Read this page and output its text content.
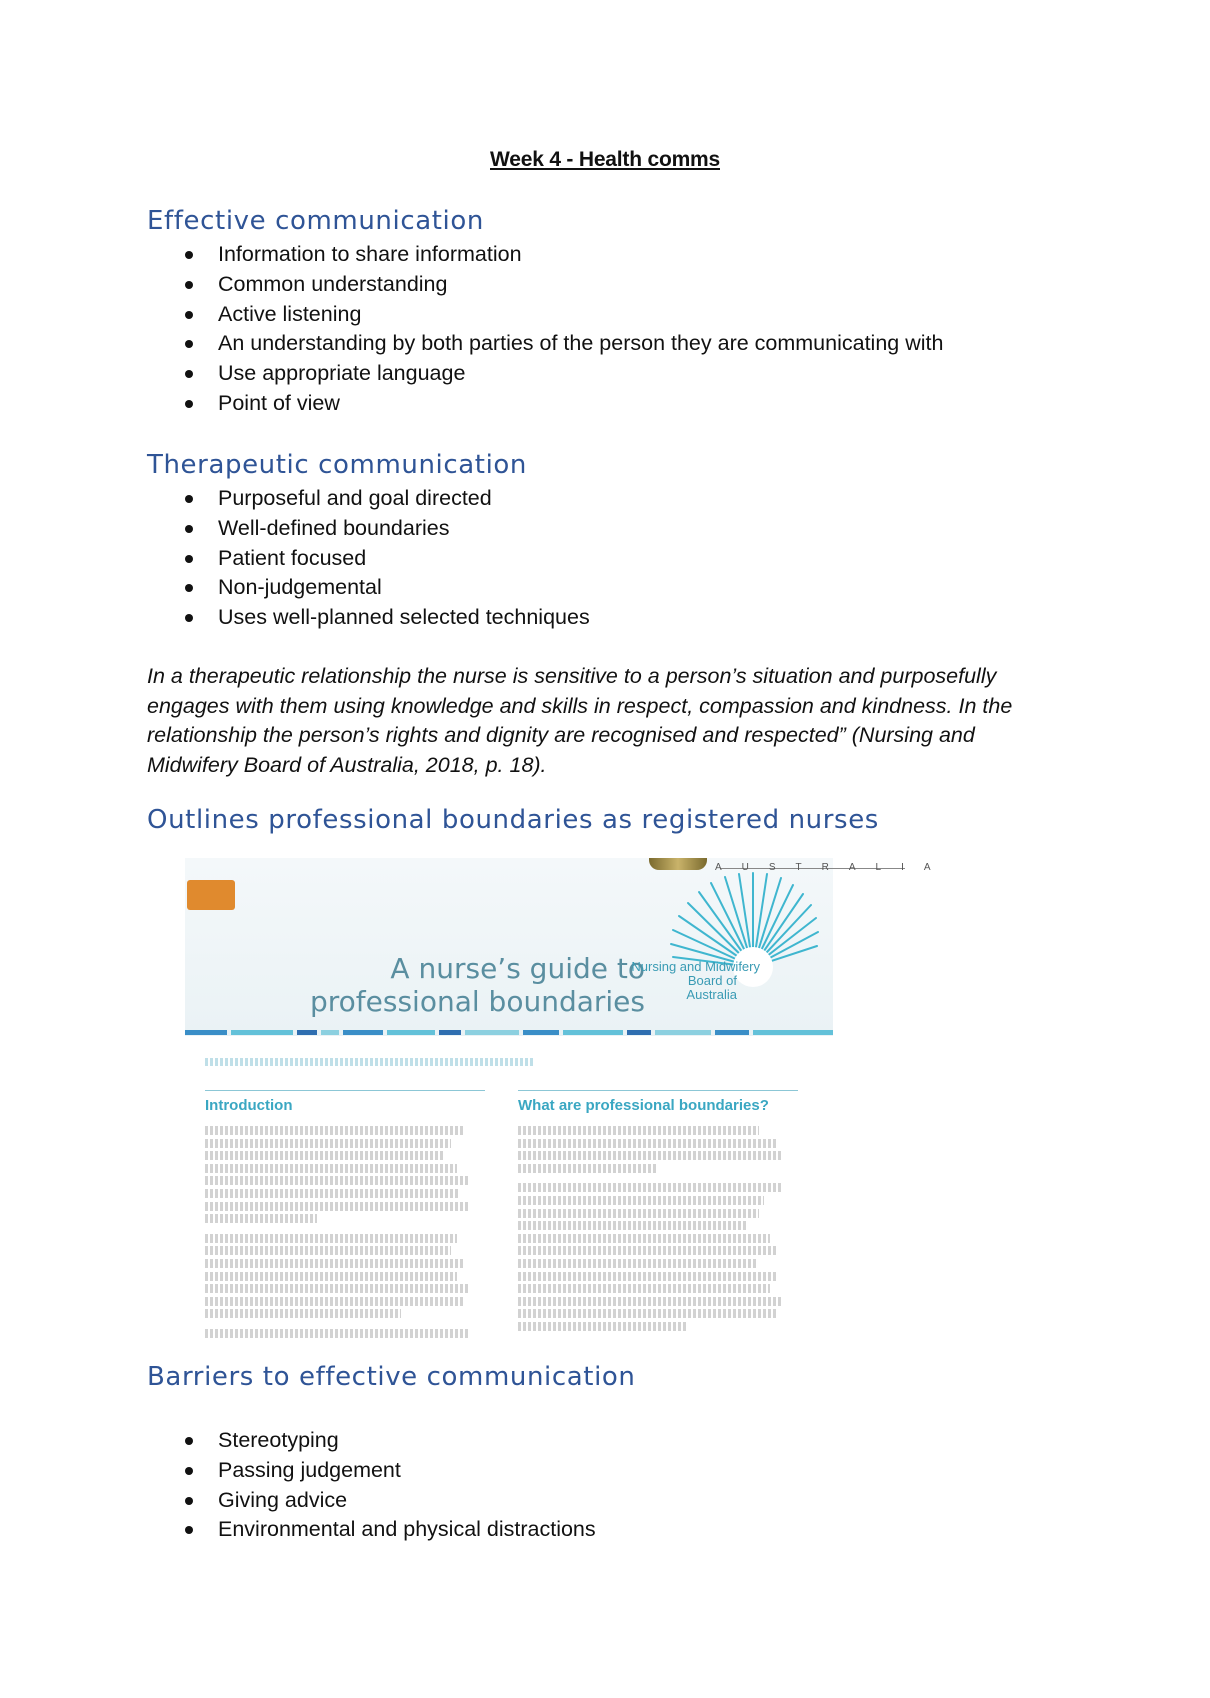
Week 4 - Health comms
Effective communication
Information to share information
Common understanding
Active listening
An understanding by both parties of the person they are communicating with
Use appropriate language
Point of view
Therapeutic communication
Purposeful and goal directed
Well-defined boundaries
Patient focused
Non-judgemental
Uses well-planned selected techniques

In a therapeutic relationship the nurse is sensitive to a person’s situation and purposefully engages with them using knowledge and skills in respect, compassion and kindness. In the relationship the person’s rights and dignity are recognised and respected” (Nursing and Midwifery Board of Australia, 2018, p. 18).

Outlines professional boundaries as registered nurses
AUSTRALIA
A nurse’s guide to
professional boundaries
Nursing and Midwifery
Board of
Australia
Introduction	What are professional boundaries?
Barriers to effective communication
Stereotyping
Passing judgement
Giving advice
Environmental and physical distractions
